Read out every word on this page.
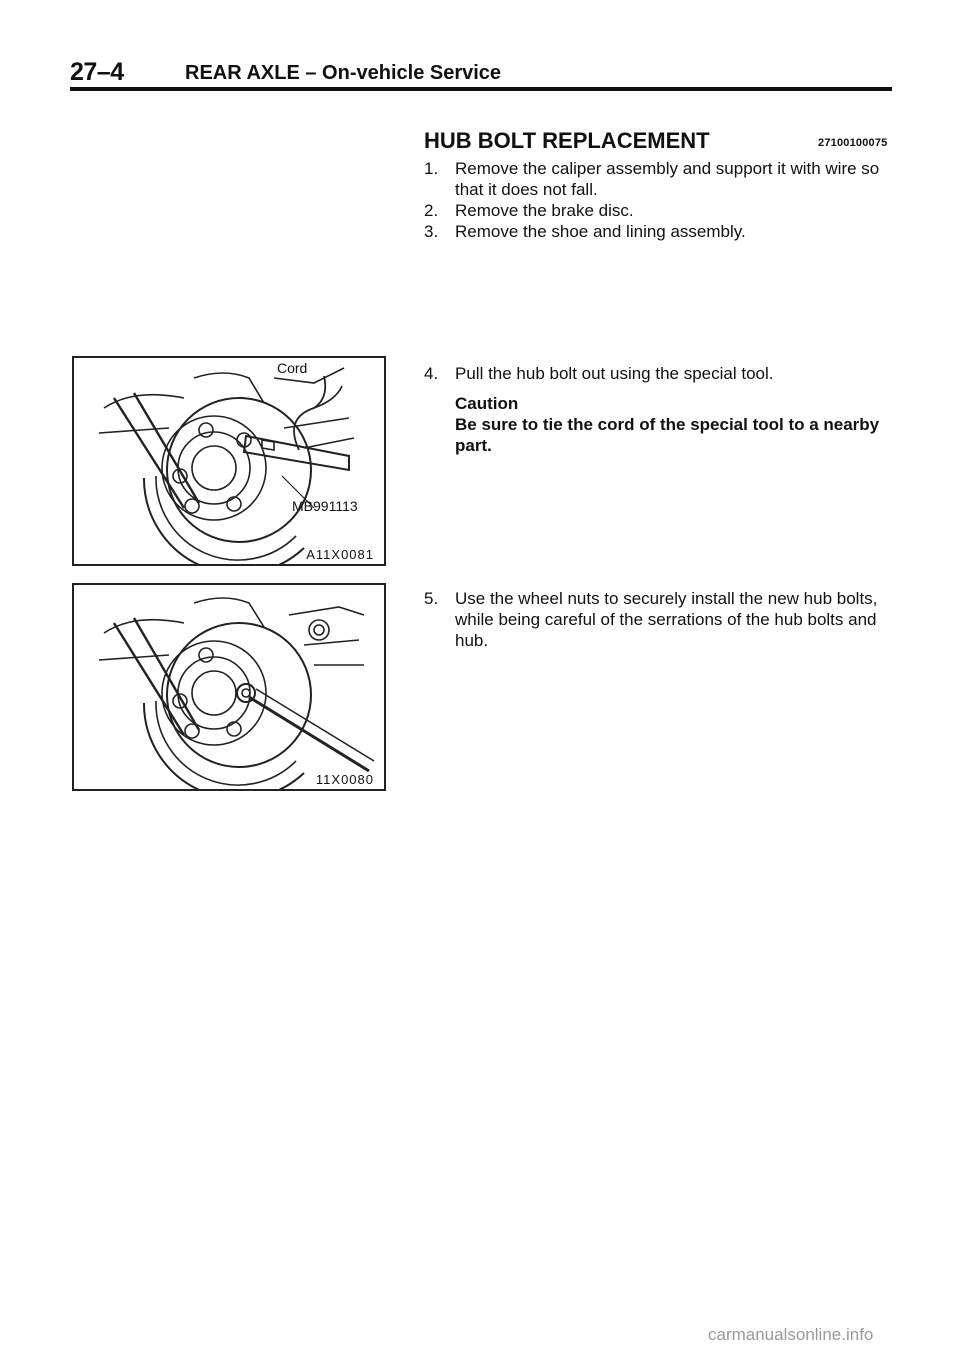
27–4	REAR AXLE – On-vehicle Service
HUB BOLT REPLACEMENT	27100100075
1. Remove the caliper assembly and support it with wire so that it does not fall.
2. Remove the brake disc.
3. Remove the shoe and lining assembly.
4. Pull the hub bolt out using the special tool.
Caution
Be sure to tie the cord of the special tool to a nearby part.
5. Use the wheel nuts to securely install the new hub bolts, while being careful of the serrations of the hub bolts and hub.
Cord
MB991113
A11X0081
11X0080
carmanualsonline.info
